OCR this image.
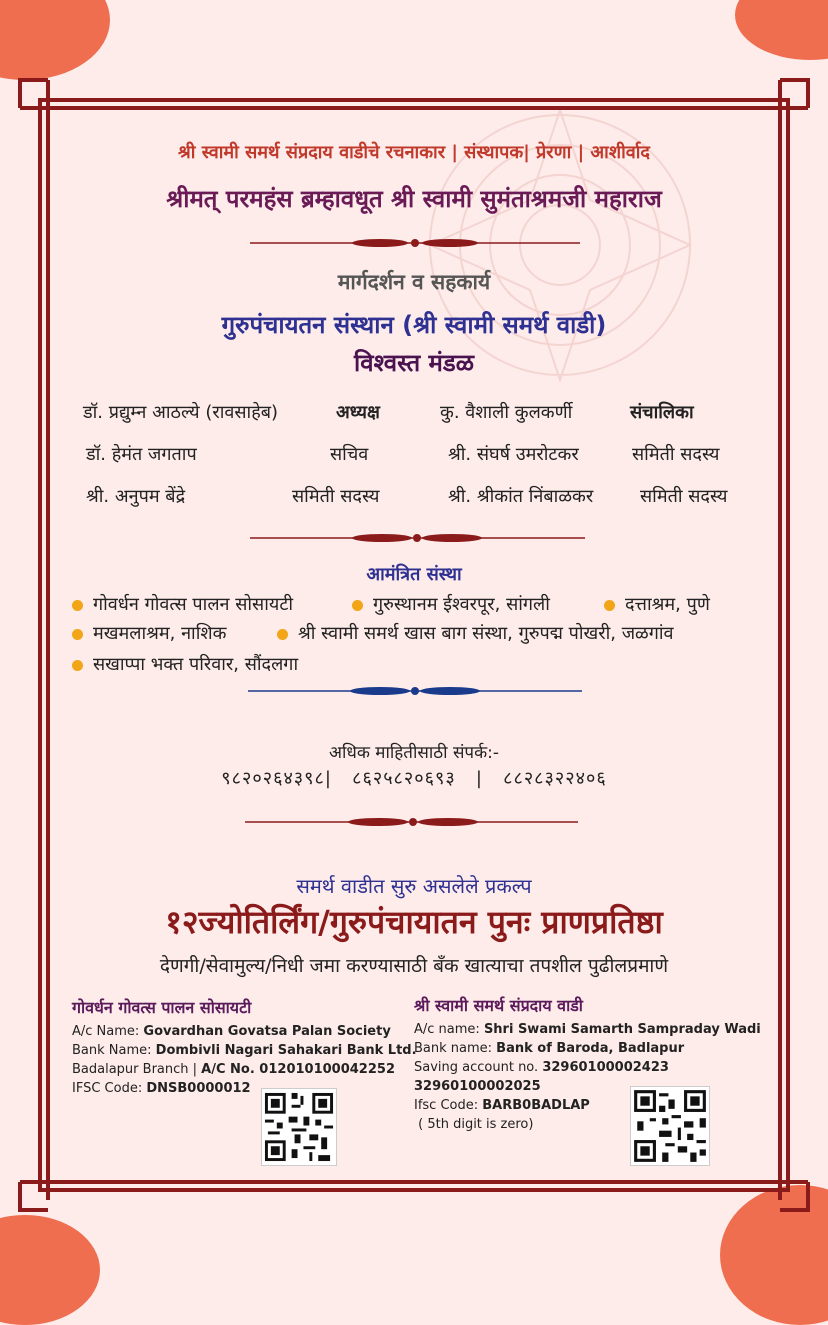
श्री स्वामी समर्थ संप्रदाय वाडीचे रचनाकार | संस्थापक| प्रेरणा | आशीर्वाद
श्रीमत् परमहंस ब्रम्हावधूत श्री स्वामी सुमंताश्रमजी महाराज
मार्गदर्शन व सहकार्य
गुरुपंचायतन संस्थान (श्री स्वामी समर्थ वाडी)
विश्वस्त मंडळ
डॉ. प्रद्युम्न आठल्ये (रावसाहेब)	अध्यक्ष	कु. वैशाली कुलकर्णी	संचालिका
डॉ. हेमंत जगताप	सचिव	श्री. संघर्ष उमरोटकर	समिती सदस्य
श्री. अनुपम बेंद्रे	समिती सदस्य	श्री. श्रीकांत निंबाळकर	समिती सदस्य
आमंत्रित संस्था
गोवर्धन गोवत्स पालन सोसायटी	गुरुस्थानम ईश्वरपूर, सांगली	दत्ताश्रम, पुणे
मखमलाश्रम, नाशिक	श्री स्वामी समर्थ खास बाग संस्था, गुरुपद्म पोखरी, जळगांव
सखाप्पा भक्त परिवार, सौंदलगा
अधिक माहितीसाठी संपर्क:-
९८२०२६४३९८|   ८६२५८२०६९३   |   ८८२८३२२४०६
समर्थ वाडीत सुरु असलेले प्रकल्प
१२ज्योतिर्लिंग/गुरुपंचायातन पुनः प्राणप्रतिष्ठा
देणगी/सेवामुल्य/निधी जमा करण्यासाठी बँक खात्याचा तपशील पुढीलप्रमाणे
गोवर्धन गोवत्स पालन सोसायटी
A/c Name: Govardhan Govatsa Palan Society
Bank Name: Dombivli Nagari Sahakari Bank Ltd.
Badalapur Branch | A/C No. 012010100042252
IFSC Code: DNSB0000012
श्री स्वामी समर्थ संप्रदाय वाडी
A/c name: Shri Swami Samarth Sampraday Wadi
Bank name: Bank of Baroda, Badlapur
Saving account no. 32960100002423
32960100002025
Ifsc Code: BARB0BADLAP
( 5th digit is zero)
